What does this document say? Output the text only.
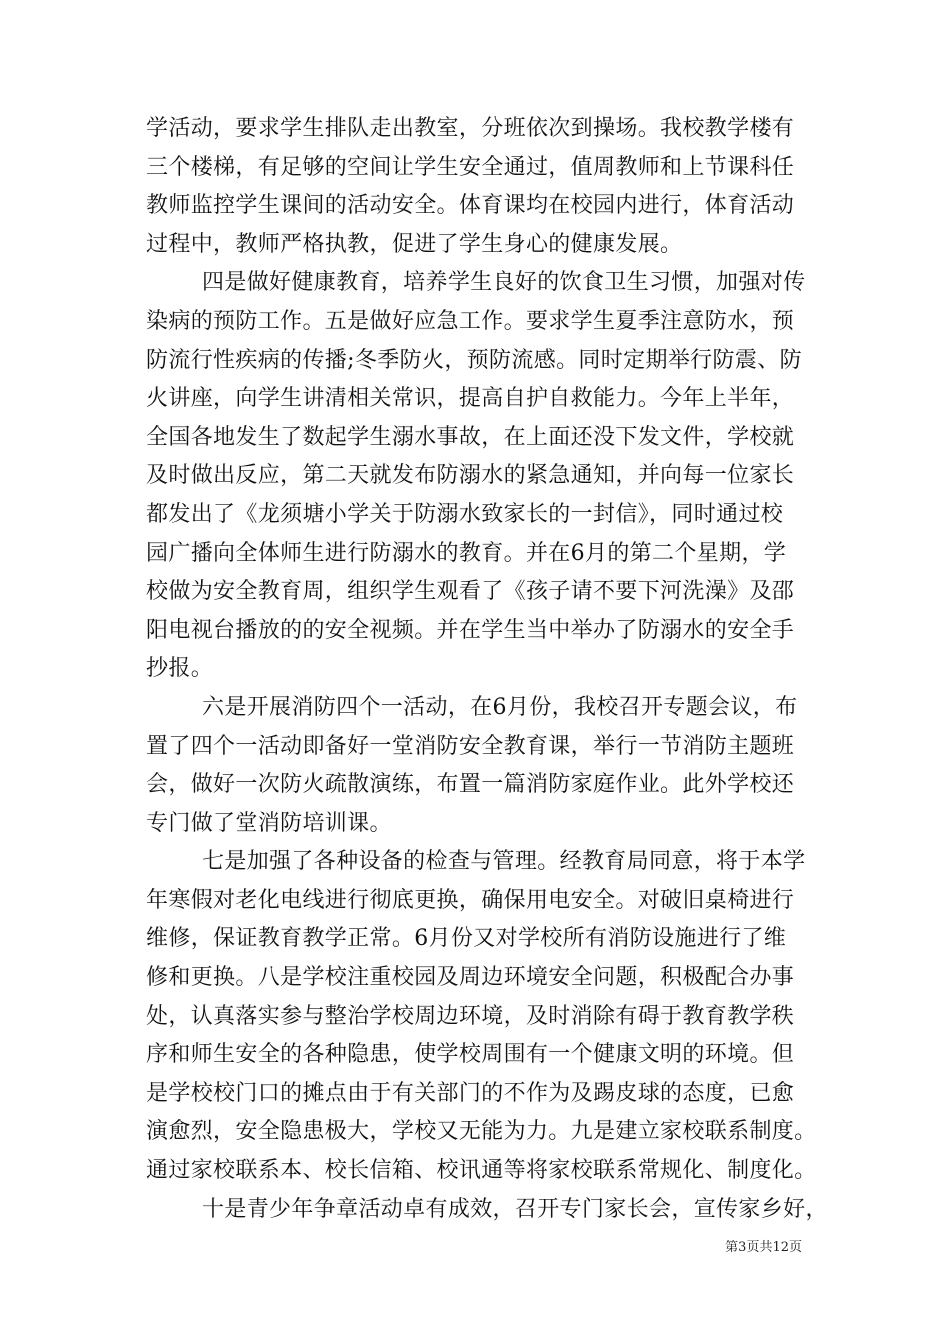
学活动，要求学生排队走出教室，分班依次到操场。我校教学楼有
三个楼梯，有足够的空间让学生安全通过，值周教师和上节课科任
教师监控学生课间的活动安全。体育课均在校园内进行，体育活动
过程中，教师严格执教，促进了学生身心的健康发展。
四是做好健康教育，培养学生良好的饮食卫生习惯，加强对传
染病的预防工作。五是做好应急工作。要求学生夏季注意防水，预
防流行性疾病的传播;冬季防火，预防流感。同时定期举行防震、防
火讲座，向学生讲清相关常识，提高自护自救能力。今年上半年，
全国各地发生了数起学生溺水事故，在上面还没下发文件，学校就
及时做出反应，第二天就发布防溺水的紧急通知，并向每一位家长
都发出了《龙须塘小学关于防溺水致家长的一封信》，同时通过校
园广播向全体师生进行防溺水的教育。并在6月的第二个星期，学
校做为安全教育周，组织学生观看了《孩子请不要下河洗澡》及邵
阳电视台播放的的安全视频。并在学生当中举办了防溺水的安全手
抄报。
六是开展消防四个一活动，在6月份，我校召开专题会议，布
置了四个一活动即备好一堂消防安全教育课，举行一节消防主题班
会，做好一次防火疏散演练，布置一篇消防家庭作业。此外学校还
专门做了堂消防培训课。
七是加强了各种设备的检查与管理。经教育局同意，将于本学
年寒假对老化电线进行彻底更换，确保用电安全。对破旧桌椅进行
维修，保证教育教学正常。6月份又对学校所有消防设施进行了维
修和更换。八是学校注重校园及周边环境安全问题，积极配合办事
处，认真落实参与整治学校周边环境，及时消除有碍于教育教学秩
序和师生安全的各种隐患，使学校周围有一个健康文明的环境。但
是学校校门口的摊点由于有关部门的不作为及踢皮球的态度，已愈
演愈烈，安全隐患极大，学校又无能为力。九是建立家校联系制度。
通过家校联系本、校长信箱、校讯通等将家校联系常规化、制度化。
十是青少年争章活动卓有成效，召开专门家长会，宣传家乡好，
第3页共12页
